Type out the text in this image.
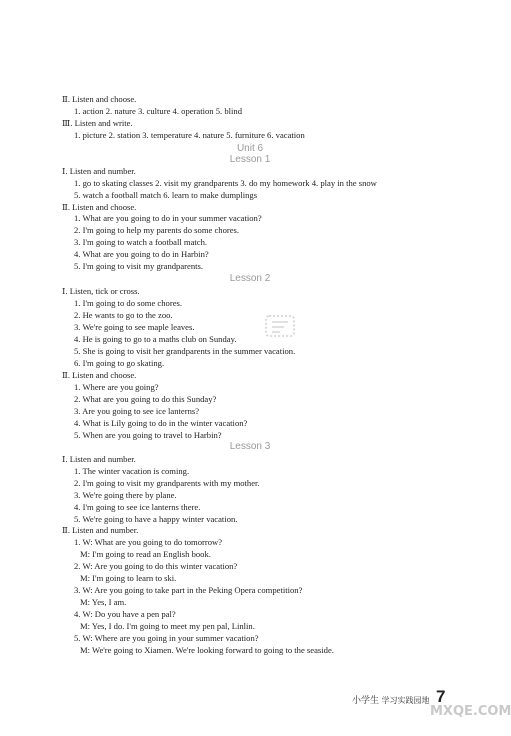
Ⅱ. Listen and choose.
1. action 2. nature 3. culture 4. operation 5. blind
Ⅲ. Listen and write.
1. picture 2. station 3. temperature 4. nature 5. furniture 6. vacation
Unit 6
Lesson 1
Ⅰ. Listen and number.
1. go to skating classes 2. visit my grandparents 3. do my homework 4. play in the snow
5. watch a football match 6. learn to make dumplings
Ⅱ. Listen and choose.
1. What are you going to do in your summer vacation?
2. I'm going to help my parents do some chores.
3. I'm going to watch a football match.
4. What are you going to do in Harbin?
5. I'm going to visit my grandparents.
Lesson 2
Ⅰ. Listen, tick or cross.
1. I'm going to do some chores.
2. He wants to go to the zoo.
3. We're going to see maple leaves.
4. He is going to go to a maths club on Sunday.
5. She is going to visit her grandparents in the summer vacation.
6. I'm going to go skating.
Ⅱ. Listen and choose.
1. Where are you going?
2. What are you going to do this Sunday?
3. Are you going to see ice lanterns?
4. What is Lily going to do in the winter vacation?
5. When are you going to travel to Harbin?
Lesson 3
Ⅰ. Listen and number.
1. The winter vacation is coming.
2. I'm going to visit my grandparents with my mother.
3. We're going there by plane.
4. I'm going to see ice lanterns there.
5. We're going to have a happy winter vacation.
Ⅱ. Listen and number.
1. W: What are you going to do tomorrow?
M: I'm going to read an English book.
2. W: Are you going to do this winter vacation?
M: I'm going to learn to ski.
3. W: Are you going to take part in the Peking Opera competition?
M: Yes, I am.
4. W: Do you have a pen pal?
M: Yes, I do. I'm going to meet my pen pal, Linlin.
5. W: Where are you going in your summer vacation?
M: We're going to Xiamen. We're looking forward to going to the seaside.
小学生 学习实践园地 7
MXQE.COM
